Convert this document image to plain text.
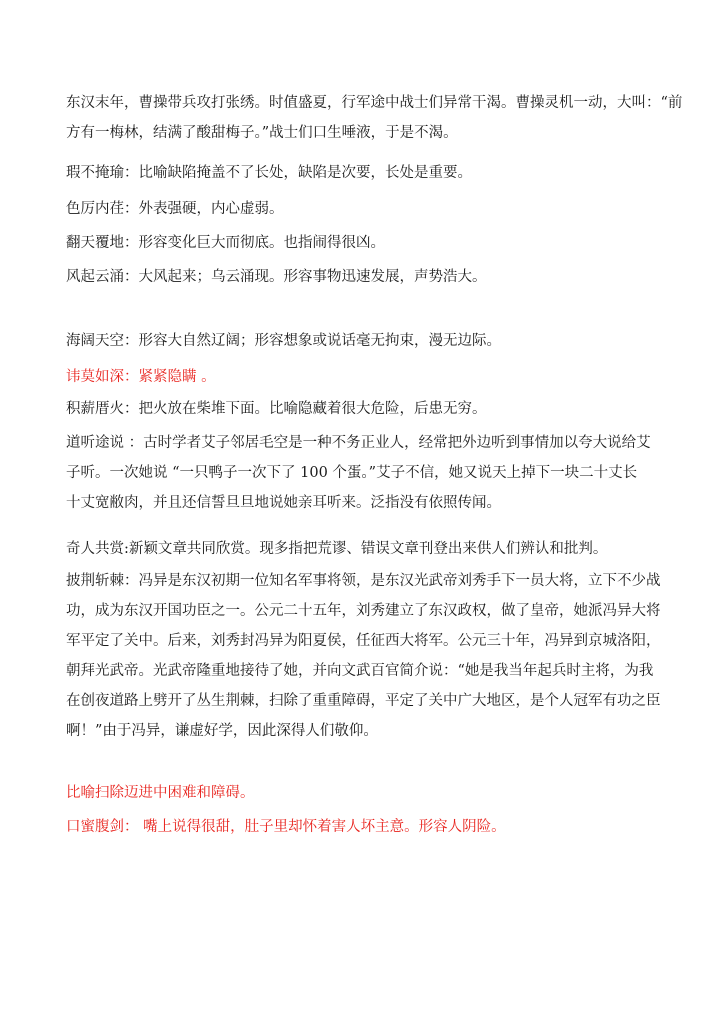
东汉末年，曹操带兵攻打张绣。时值盛夏，行军途中战士们异常干渴。曹操灵机一动，大叫：“前
方有一梅林，结满了酸甜梅子。”战士们口生唾液，于是不渴。

瑕不掩瑜：比喻缺陷掩盖不了长处，缺陷是次要，长处是重要。

色厉内荏：外表强硬，内心虚弱。

翻天覆地：形容变化巨大而彻底。也指闹得很凶。

风起云涌：大风起来；乌云涌现。形容事物迅速发展，声势浩大。

海阔天空：形容大自然辽阔；形容想象或说话毫无拘束，漫无边际。

讳莫如深：紧紧隐瞒 。

积薪厝火：把火放在柴堆下面。比喻隐藏着很大危险，后患无穷。

道听途说 ：古时学者艾子邻居毛空是一种不务正业人，经常把外边听到事情加以夸大说给艾
子听。一次她说 “一只鸭子一次下了 100 个蛋。”艾子不信，她又说天上掉下一块二十丈长
十丈宽敝肉，并且还信誓旦旦地说她亲耳听来。泛指没有依照传闻。

奇人共赏:新颖文章共同欣赏。现多指把荒谬、错误文章刊登出来供人们辨认和批判。

披荆斩棘：冯异是东汉初期一位知名军事将领，是东汉光武帝刘秀手下一员大将，立下不少战
功，成为东汉开国功臣之一。公元二十五年，刘秀建立了东汉政权，做了皇帝，她派冯异大将
军平定了关中。后来，刘秀封冯异为阳夏侯，任征西大将军。公元三十年，冯异到京城洛阳，
朝拜光武帝。光武帝隆重地接待了她，并向文武百官简介说：“她是我当年起兵时主将，为我
在创夜道路上劈开了丛生荆棘，扫除了重重障碍，平定了关中广大地区，是个人冠军有功之臣
啊！”由于冯异，谦虚好学，因此深得人们敬仰。

比喻扫除迈进中困难和障碍。

口蜜腹剑： 嘴上说得很甜，肚子里却怀着害人坏主意。形容人阴险。
